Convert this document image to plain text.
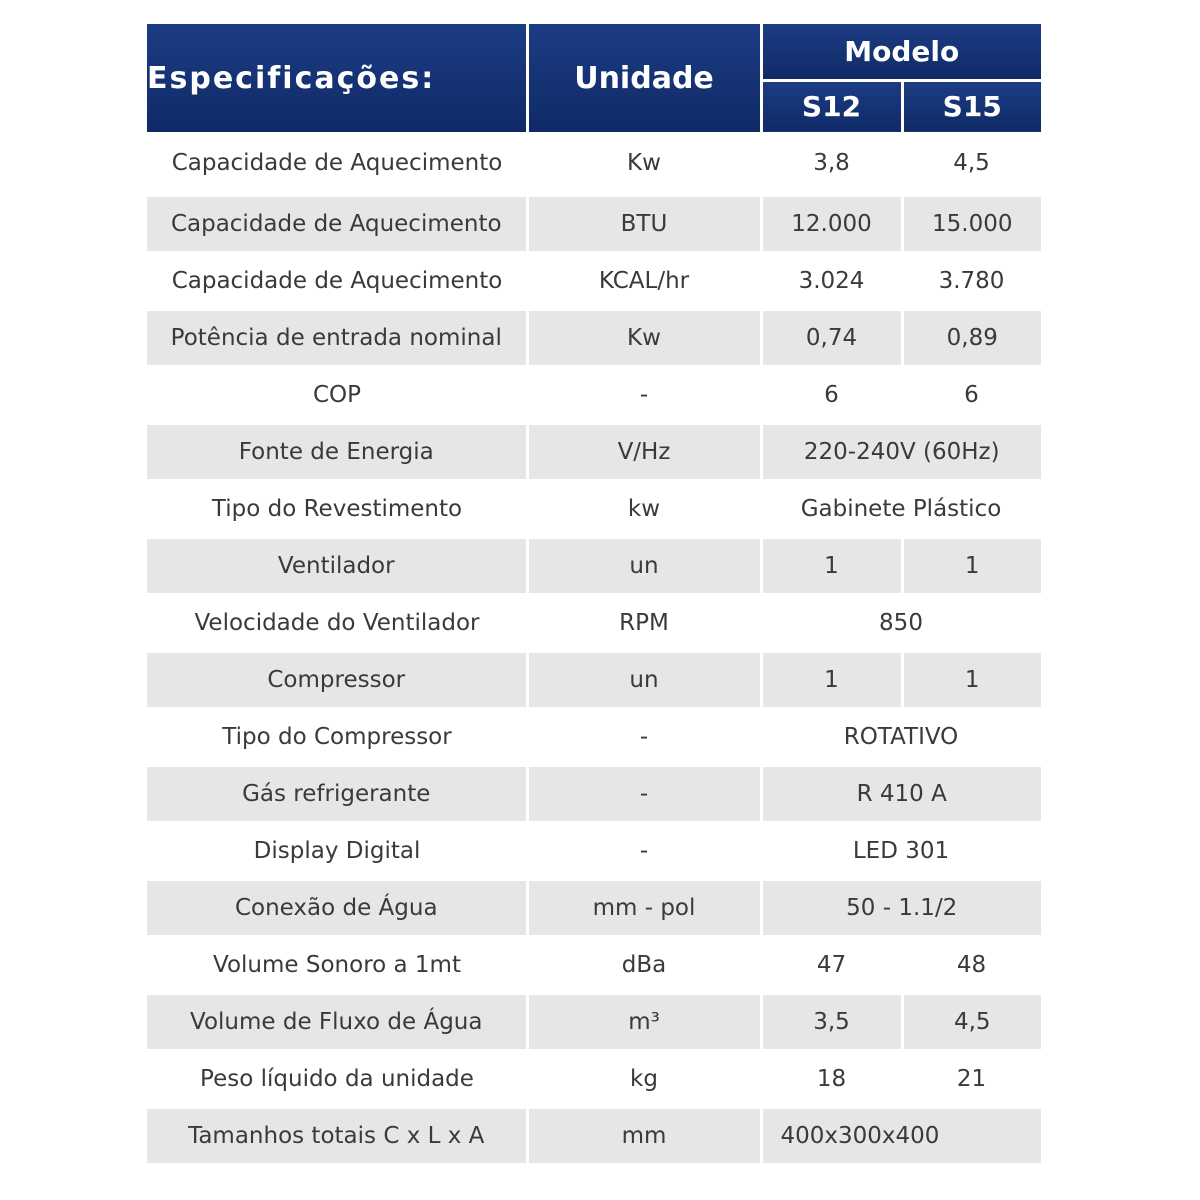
Especificações:	Unidade	Modelo	
		S12	S15
Capacidade de Aquecimento	Kw	3,8	4,5
Capacidade de Aquecimento	BTU	12.000	15.000
Capacidade de Aquecimento	KCAL/hr	3.024	3.780
Potência de entrada nominal	Kw	0,74	0,89
COP	-	6	6
Fonte de Energia	V/Hz	220-240V (60Hz)	
Tipo do Revestimento	kw	Gabinete Plástico	
Ventilador	un	1	1
Velocidade do Ventilador	RPM	850	
Compressor	un	1	1
Tipo do Compressor	-	ROTATIVO	
Gás refrigerante	-	R 410 A	
Display Digital	-	LED 301	
Conexão de Água	mm - pol	50 - 1.1/2	
Volume Sonoro a 1mt	dBa	47	48
Volume de Fluxo de Água	m³	3,5	4,5
Peso líquido da unidade	kg	18	21
Tamanhos totais C x L x A	mm	400x300x400	
